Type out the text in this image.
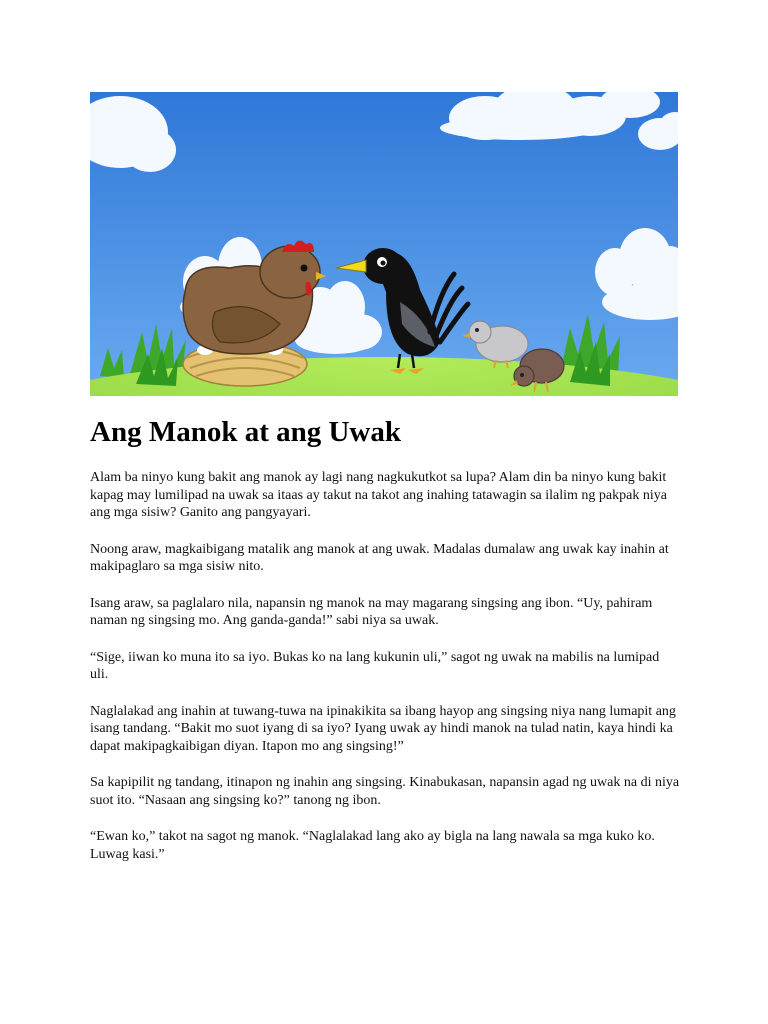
Ang Manok at ang Uwak

Alam ba ninyo kung bakit ang manok ay lagi nang nagkukutkot sa lupa? Alam din ba ninyo kung bakit kapag may lumilipad na uwak sa itaas ay takut na takot ang inahing tatawagin sa ilalim ng pakpak niya ang mga sisiw? Ganito ang pangyayari.

Noong araw, magkaibigang matalik ang manok at ang uwak. Madalas dumalaw ang uwak kay inahin at makipaglaro sa mga sisiw nito.

Isang araw, sa paglalaro nila, napansin ng manok na may magarang singsing ang ibon. “Uy, pahiram naman ng singsing mo. Ang ganda-ganda!” sabi niya sa uwak.

“Sige, iiwan ko muna ito sa iyo. Bukas ko na lang kukunin uli,” sagot ng uwak na mabilis na lumipad uli.

Naglalakad ang inahin at tuwang-tuwa na ipinakikita sa ibang hayop ang singsing niya nang lumapit ang isang tandang. “Bakit mo suot iyang di sa iyo? Iyang uwak ay hindi manok na tulad natin, kaya hindi ka dapat makipagkaibigan diyan. Itapon mo ang singsing!”

Sa kapipilit ng tandang, itinapon ng inahin ang singsing. Kinabukasan, napansin agad ng uwak na di niya suot ito. “Nasaan ang singsing ko?” tanong ng ibon.

“Ewan ko,” takot na sagot ng manok. “Naglalakad lang ako ay bigla na lang nawala sa mga kuko ko. Luwag kasi.”
